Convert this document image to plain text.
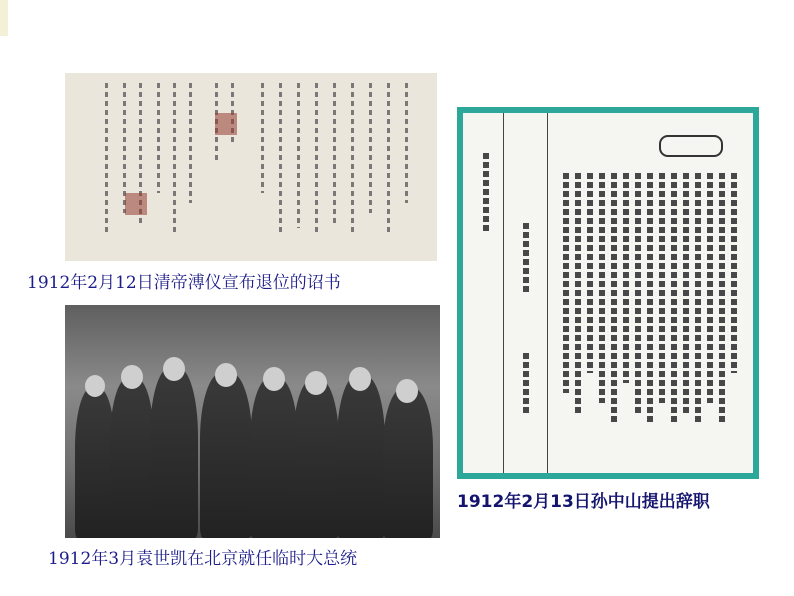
1912年2月12日清帝溥仪宣布退位的诏书
1912年2月13日孙中山提出辞职
1912年3月袁世凯在北京就任临时大总统
